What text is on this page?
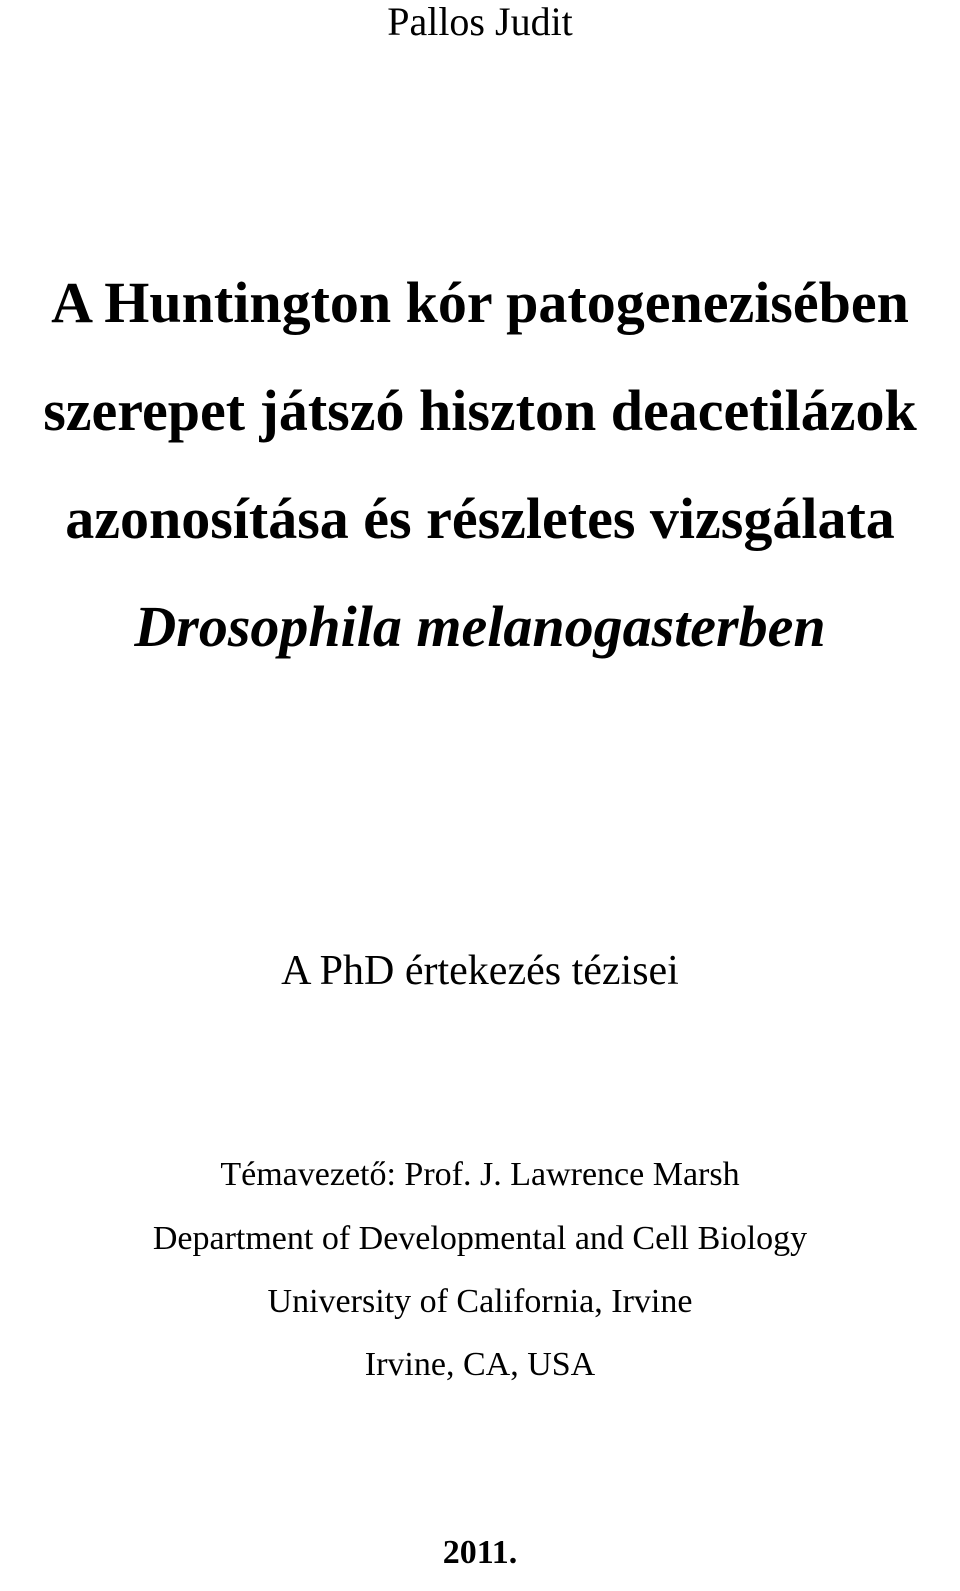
Pallos Judit
A Huntington kór patogenezisében
szerepet játszó hiszton deacetilázok
azonosítása és részletes vizsgálata
Drosophila melanogasterben
A PhD értekezés tézisei
Témavezető: Prof. J. Lawrence Marsh
Department of Developmental and Cell Biology
University of California, Irvine
Irvine, CA, USA
2011.
